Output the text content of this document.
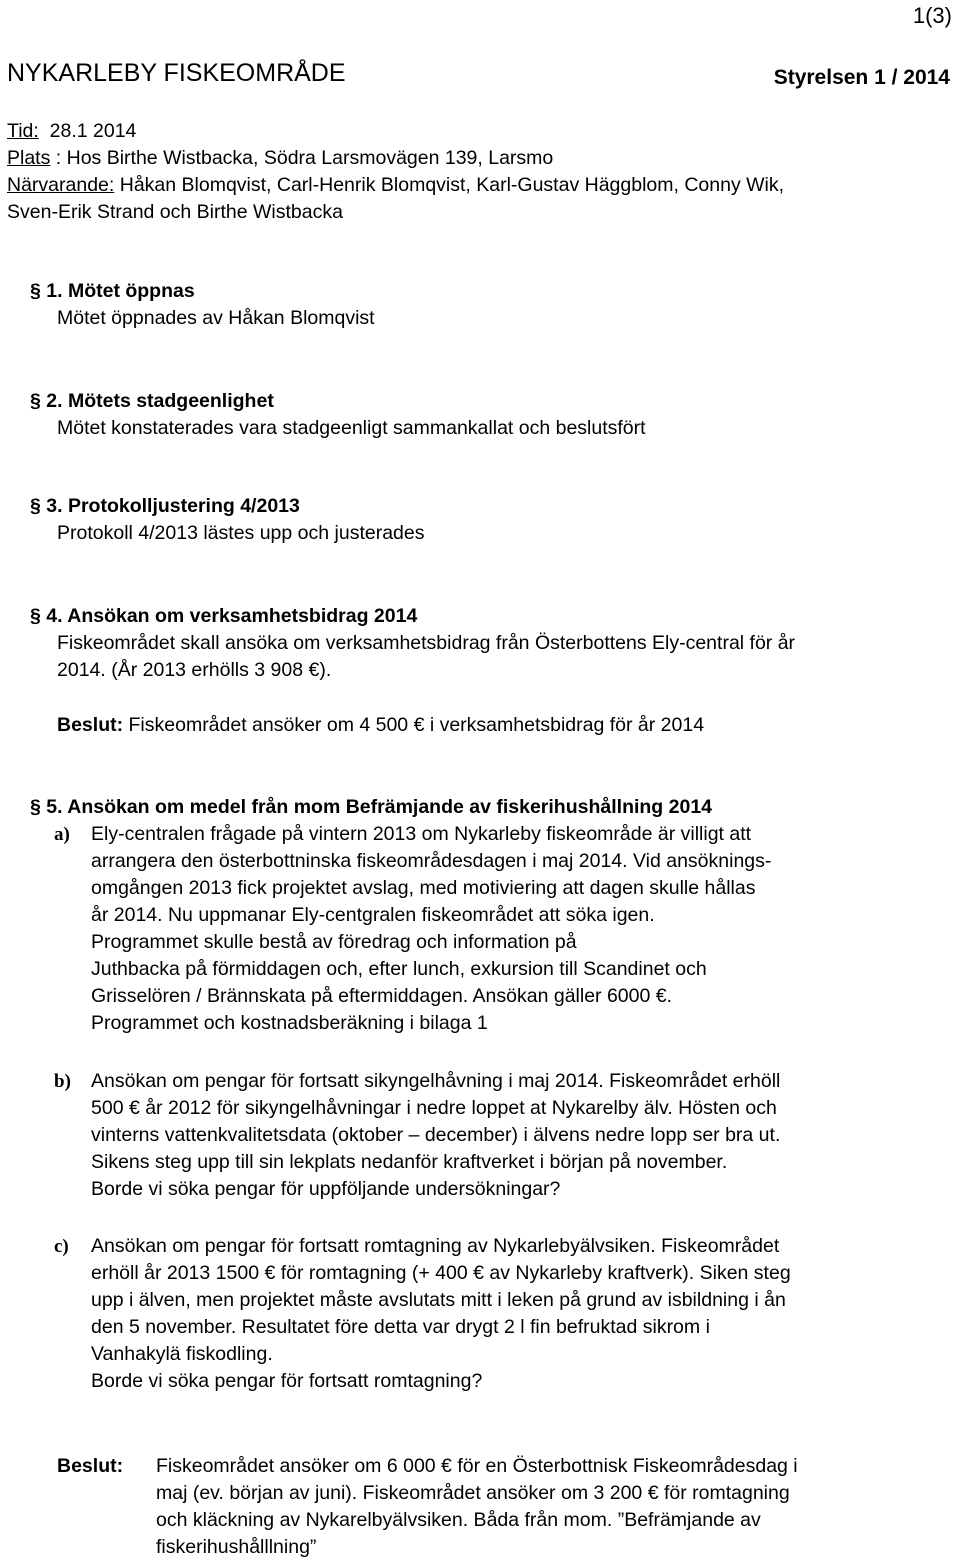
1(3)
NYKARLEBY FISKEOMRÅDE	Styrelsen 1 / 2014
Tid: 28.1 2014
Plats : Hos Birthe Wistbacka, Södra Larsmovägen 139, Larsmo
Närvarande: Håkan Blomqvist, Carl-Henrik Blomqvist, Karl-Gustav Häggblom, Conny Wik,
Sven-Erik Strand och Birthe Wistbacka
§ 1. Mötet öppnas
Mötet öppnades av Håkan Blomqvist
§ 2. Mötets stadgeenlighet
Mötet konstaterades vara stadgeenligt sammankallat och beslutsfört
§ 3. Protokolljustering 4/2013
Protokoll 4/2013 lästes upp och justerades
§ 4. Ansökan om verksamhetsbidrag 2014
Fiskeområdet skall ansöka om verksamhetsbidrag från Österbottens Ely-central för år
2014. (År 2013 erhölls 3 908 €).
Beslut: Fiskeområdet ansöker om 4 500 € i verksamhetsbidrag för år 2014
§ 5. Ansökan om medel från mom Befrämjande av fiskerihushållning 2014
a) Ely-centralen frågade på vintern 2013 om Nykarleby fiskeområde är villigt att
arrangera den österbottninska fiskeområdesdagen i maj 2014. Vid ansöknings-
omgången 2013 fick projektet avslag, med motiviering att dagen skulle hållas
år 2014. Nu uppmanar Ely-centgralen fiskeområdet att söka igen.
Programmet skulle bestå av föredrag och information på
Juthbacka på förmiddagen och, efter lunch, exkursion till Scandinet och
Grisselören / Brännskata på eftermiddagen. Ansökan gäller 6000 €.
Programmet och kostnadsberäkning i bilaga 1
b) Ansökan om pengar för fortsatt sikyngelhåvning i maj 2014. Fiskeområdet erhöll
500 € år 2012 för sikyngelhåvningar i nedre loppet at Nykarelby älv. Hösten och
vinterns vattenkvalitetsdata (oktober – december) i älvens nedre lopp ser bra ut.
Sikens steg upp till sin lekplats nedanför kraftverket i början på november.
Borde vi söka pengar för uppföljande undersökningar?
c) Ansökan om pengar för fortsatt romtagning av Nykarlebyälvsiken. Fiskeområdet
erhöll år 2013 1500 € för romtagning (+ 400 € av Nykarleby kraftverk). Siken steg
upp i älven, men projektet måste avslutats mitt i leken på grund av isbildning i ån
den 5 november. Resultatet före detta var drygt 2 l fin befruktad sikrom i
Vanhakylä fiskodling.
Borde vi söka pengar för fortsatt romtagning?
Beslut: Fiskeområdet ansöker om 6 000 € för en Österbottnisk Fiskeområdesdag i
maj (ev. början av juni). Fiskeområdet ansöker om 3 200 € för romtagning
och kläckning av Nykarelbyälvsiken. Båda från mom. ”Befrämjande av
fiskerihushålllning”
